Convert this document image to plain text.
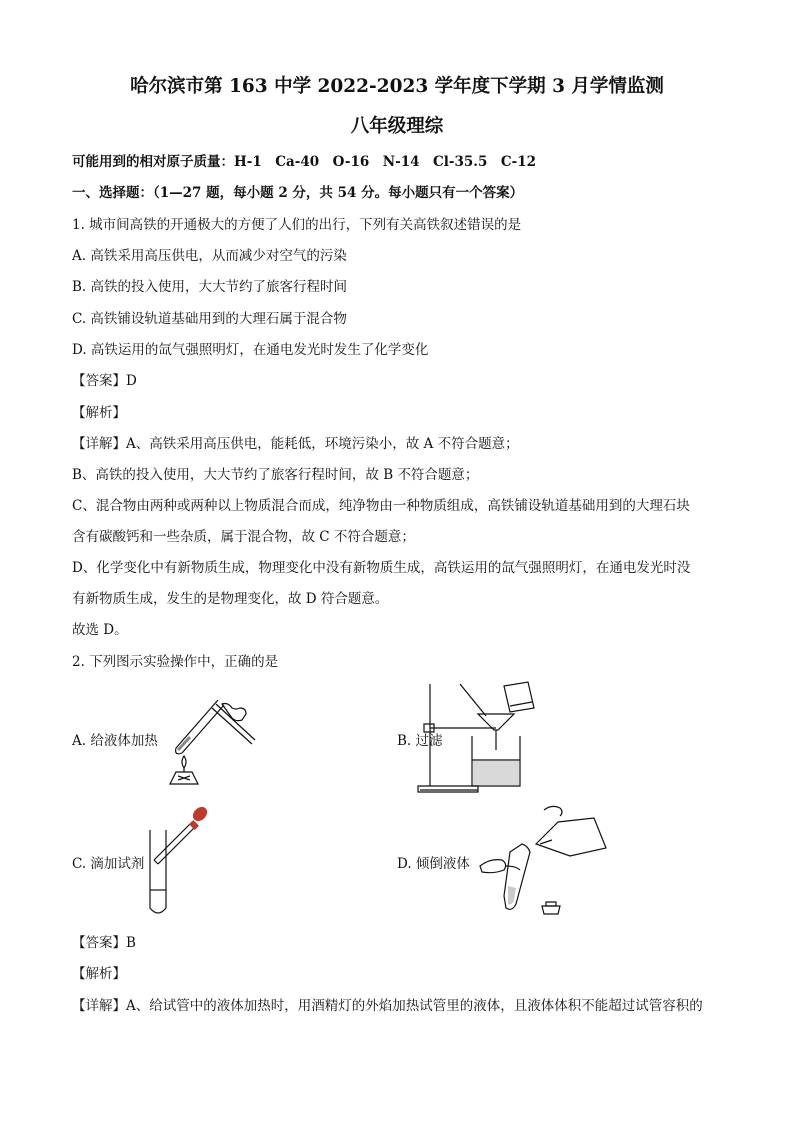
哈尔滨市第 163 中学 2022-2023 学年度下学期 3 月学情监测
八年级理综
可能用到的相对原子质量：H-1　Ca-40　O-16　N-14　Cl-35.5　C-12
一、选择题：（1—27 题，每小题 2 分，共 54 分。每小题只有一个答案）
1. 城市间高铁的开通极大的方便了人们的出行，下列有关高铁叙述错误的是
A. 高铁采用高压供电，从而减少对空气的污染
B. 高铁的投入使用，大大节约了旅客行程时间
C. 高铁铺设轨道基础用到的大理石属于混合物
D. 高铁运用的氙气强照明灯，在通电发光时发生了化学变化
【答案】D
【解析】
【详解】A、高铁采用高压供电，能耗低，环境污染小，故 A 不符合题意；
B、高铁的投入使用，大大节约了旅客行程时间，故 B 不符合题意；
C、混合物由两种或两种以上物质混合而成，纯净物由一种物质组成，高铁铺设轨道基础用到的大理石块
含有碳酸钙和一些杂质，属于混合物，故 C 不符合题意；
D、化学变化中有新物质生成，物理变化中没有新物质生成，高铁运用的氙气强照明灯，在通电发光时没
有新物质生成，发生的是物理变化，故 D 符合题意。
故选 D。
2. 下列图示实验操作中，正确的是
A. 给液体加热	B. 过滤
C. 滴加试剂	D. 倾倒液体
【答案】B
【解析】
【详解】A、给试管中的液体加热时，用酒精灯的外焰加热试管里的液体，且液体体积不能超过试管容积的
